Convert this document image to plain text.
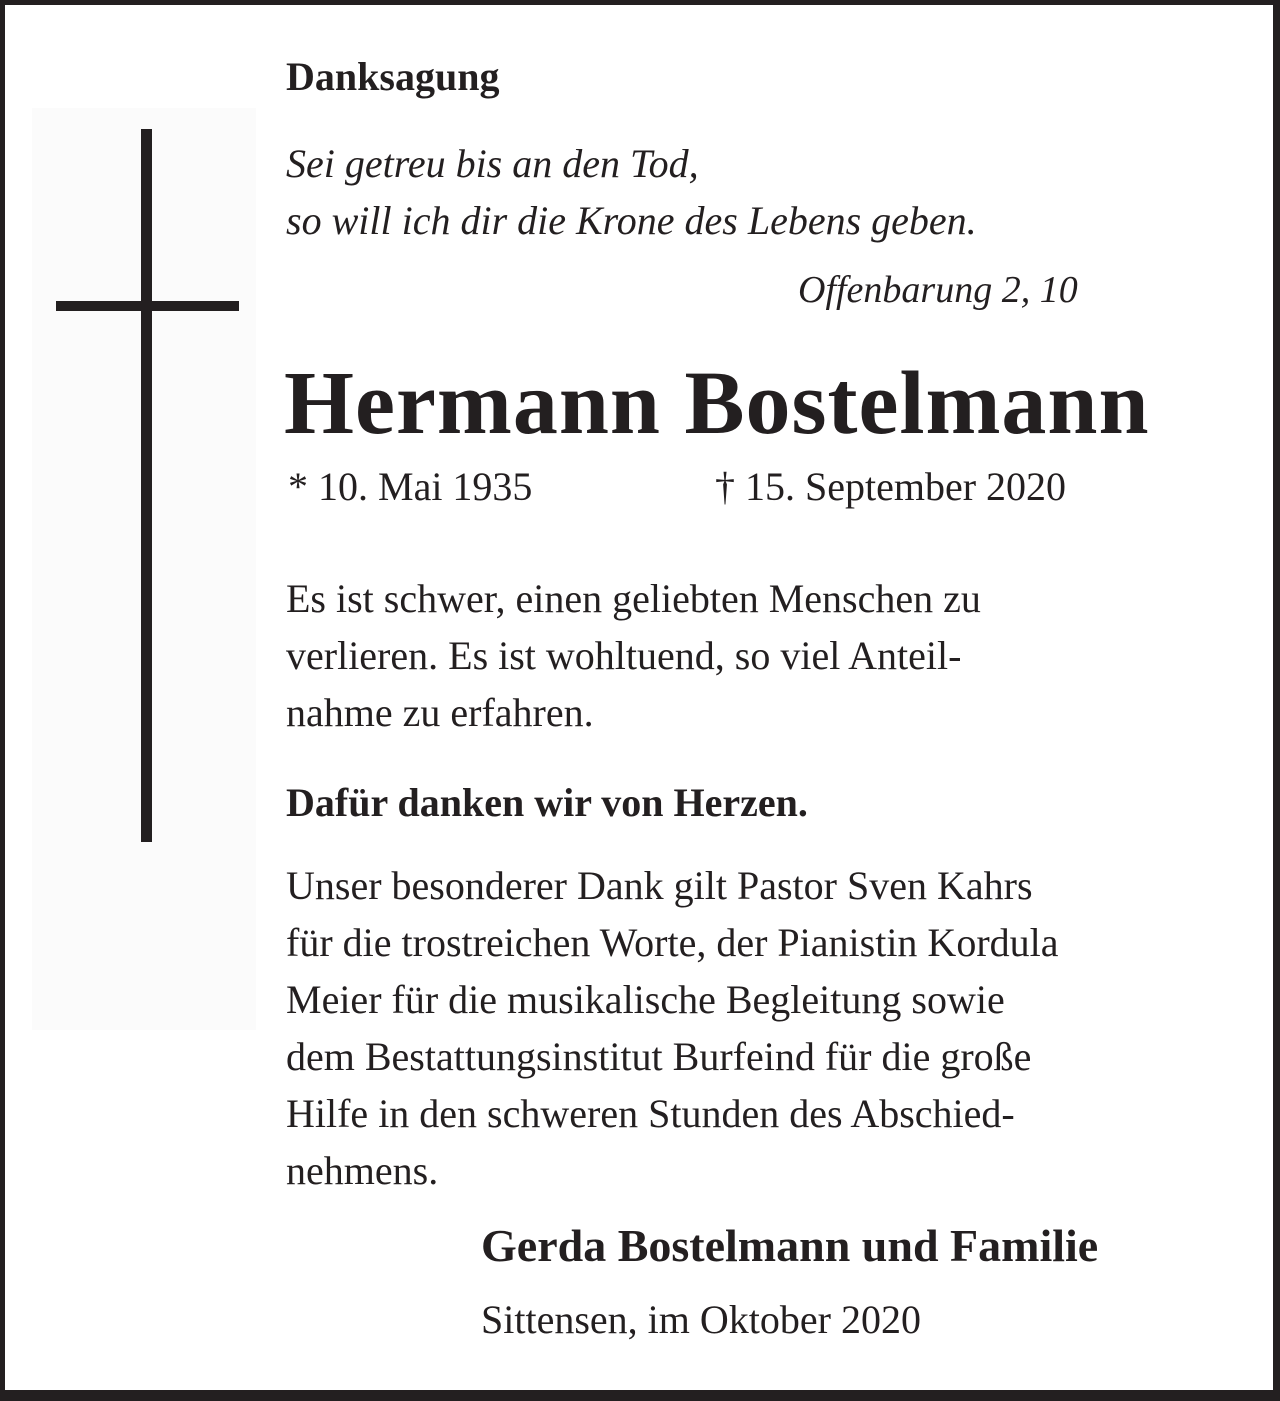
Danksagung

Sei getreu bis an den Tod,
so will ich dir die Krone des Lebens geben.

Offenbarung 2, 10

Hermann Bostelmann

* 10. Mai 1935	† 15. September 2020

Es ist schwer, einen geliebten Menschen zu
verlieren. Es ist wohltuend, so viel Anteil-
nahme zu erfahren.

Dafür danken wir von Herzen.

Unser besonderer Dank gilt Pastor Sven Kahrs
für die trostreichen Worte, der Pianistin Kordula
Meier für die musikalische Begleitung sowie
dem Bestattungsinstitut Burfeind für die große
Hilfe in den schweren Stunden des Abschied-
nehmens.

Gerda Bostelmann und Familie

Sittensen, im Oktober 2020
